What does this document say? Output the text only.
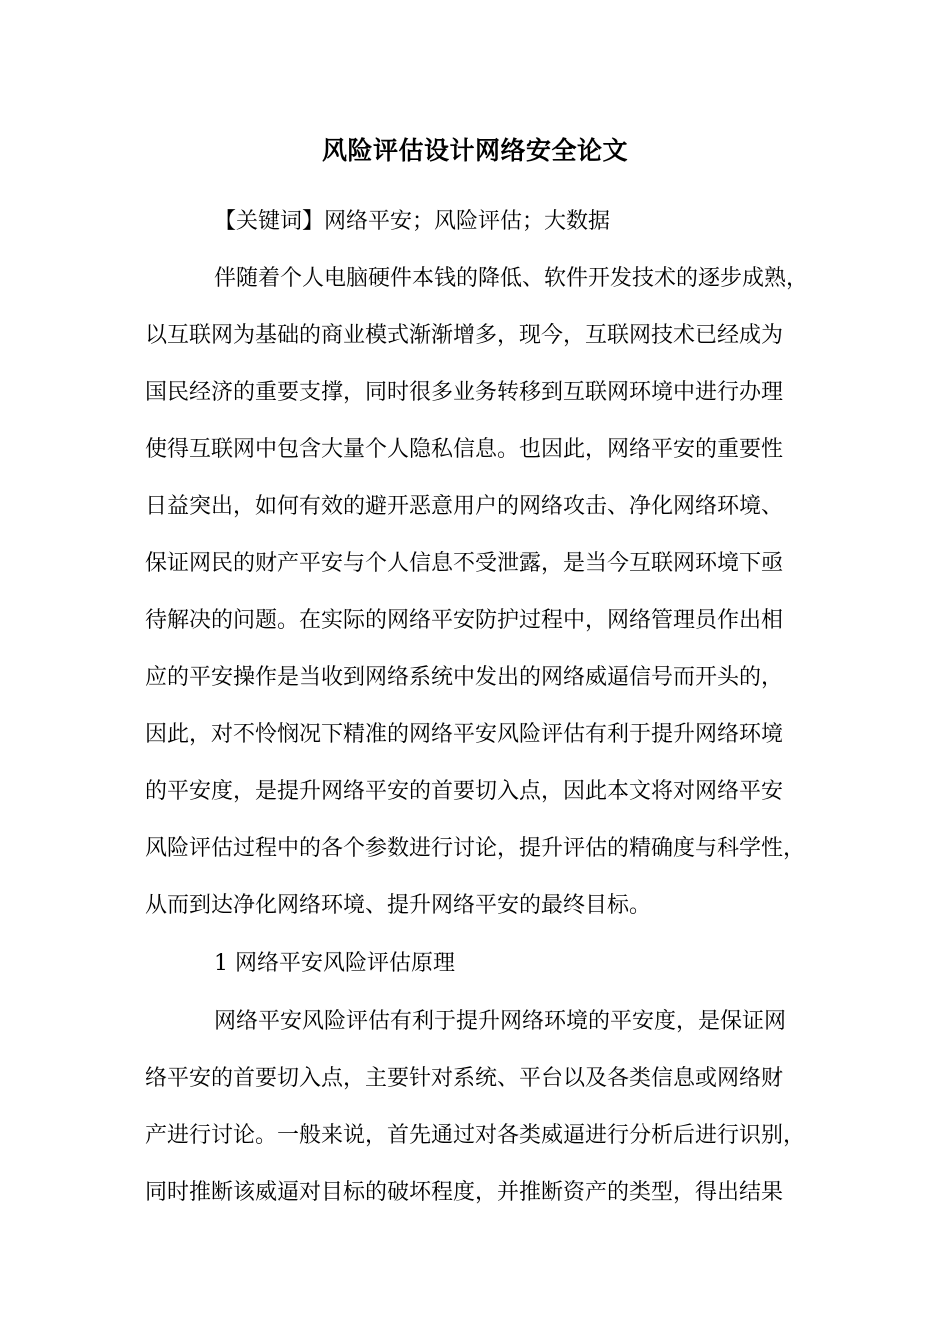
风险评估设计网络安全论文
【关键词】网络平安；风险评估；大数据
伴随着个人电脑硬件本钱的降低、软件开发技术的逐步成熟，
以互联网为基础的商业模式渐渐增多，现今，互联网技术已经成为
国民经济的重要支撑，同时很多业务转移到互联网环境中进行办理
使得互联网中包含大量个人隐私信息。也因此，网络平安的重要性
日益突出，如何有效的避开恶意用户的网络攻击、净化网络环境、
保证网民的财产平安与个人信息不受泄露，是当今互联网环境下亟
待解决的问题。在实际的网络平安防护过程中，网络管理员作出相
应的平安操作是当收到网络系统中发出的网络威逼信号而开头的，
因此，对不怜悯况下精准的网络平安风险评估有利于提升网络环境
的平安度，是提升网络平安的首要切入点，因此本文将对网络平安
风险评估过程中的各个参数进行讨论，提升评估的精确度与科学性，
从而到达净化网络环境、提升网络平安的最终目标。
1 网络平安风险评估原理
网络平安风险评估有利于提升网络环境的平安度，是保证网
络平安的首要切入点，主要针对系统、平台以及各类信息或网络财
产进行讨论。一般来说，首先通过对各类威逼进行分析后进行识别，
同时推断该威逼对目标的破坏程度，并推断资产的类型，得出结果
